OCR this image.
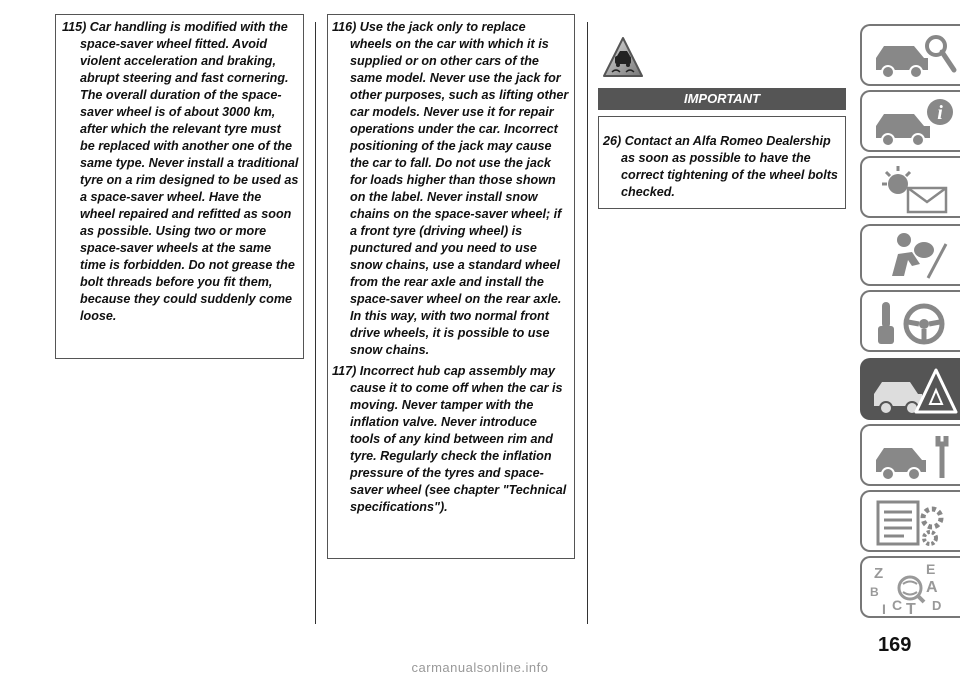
115) Car handling is modified with the space-saver wheel fitted. Avoid violent acceleration and braking, abrupt steering and fast cornering. The overall duration of the space-saver wheel is of about 3000 km, after which the relevant tyre must be replaced with another one of the same type. Never install a traditional tyre on a rim designed to be used as a space-saver wheel. Have the wheel repaired and refitted as soon as possible. Using two or more space-saver wheels at the same time is forbidden. Do not grease the bolt threads before you fit them, because they could suddenly come loose.

116) Use the jack only to replace wheels on the car with which it is supplied or on other cars of the same model. Never use the jack for other purposes, such as lifting other car models. Never use it for repair operations under the car. Incorrect positioning of the jack may cause the car to fall. Do not use the jack for loads higher than those shown on the label. Never install snow chains on the space-saver wheel; if a front tyre (driving wheel) is punctured and you need to use snow chains, use a standard wheel from the rear axle and install the space-saver wheel on the rear axle. In this way, with two normal front drive wheels, it is possible to use snow chains.

117) Incorrect hub cap assembly may cause it to come off when the car is moving. Never tamper with the inflation valve. Never introduce tools of any kind between rim and tyre. Regularly check the inflation pressure of the tyres and space-saver wheel (see chapter "Technical specifications").

IMPORTANT

26) Contact an Alfa Romeo Dealership as soon as possible to have the correct tightening of the wheel bolts checked.

i
Z	E
B	A
C D
T
I
169
carmanualsonline.info
